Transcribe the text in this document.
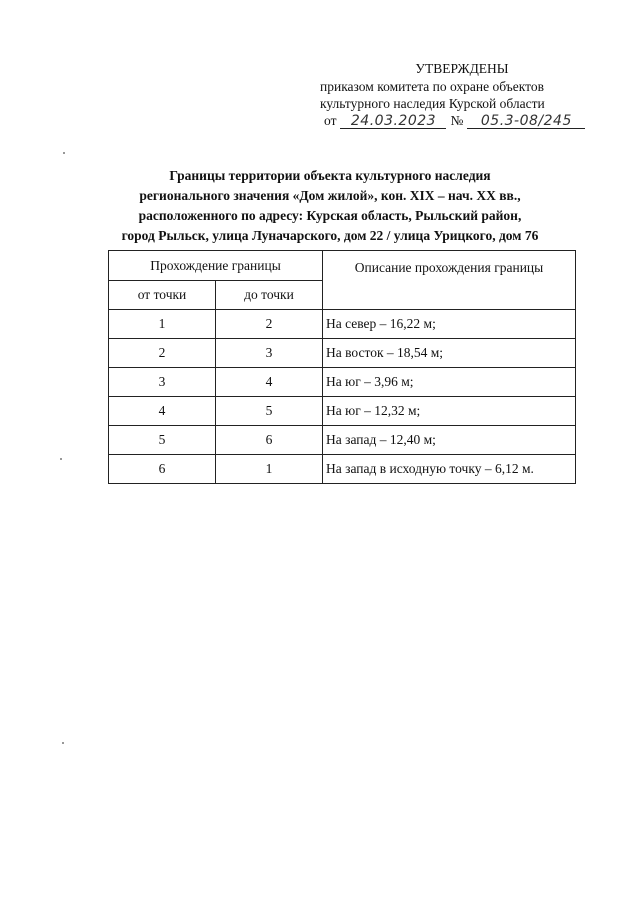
УТВЕРЖДЕНЫ
приказом комитета по охране объектов
культурного наследия Курской области
от	24.03.2023	№	05.3-08/245
Границы территории объекта культурного наследия
регионального значения «Дом жилой», кон. XIX – нач. XX вв.,
расположенного по адресу: Курская область, Рыльский район,
город Рыльск, улица Луначарского, дом 22 / улица Урицкого, дом 76
Прохождение границы		Описание прохождения границы
от точки	до точки	
1	2	На север – 16,22 м;
2	3	На восток – 18,54 м;
3	4	На юг – 3,96 м;
4	5	На юг – 12,32 м;
5	6	На запад – 12,40 м;
6	1	На запад в исходную точку – 6,12 м.
